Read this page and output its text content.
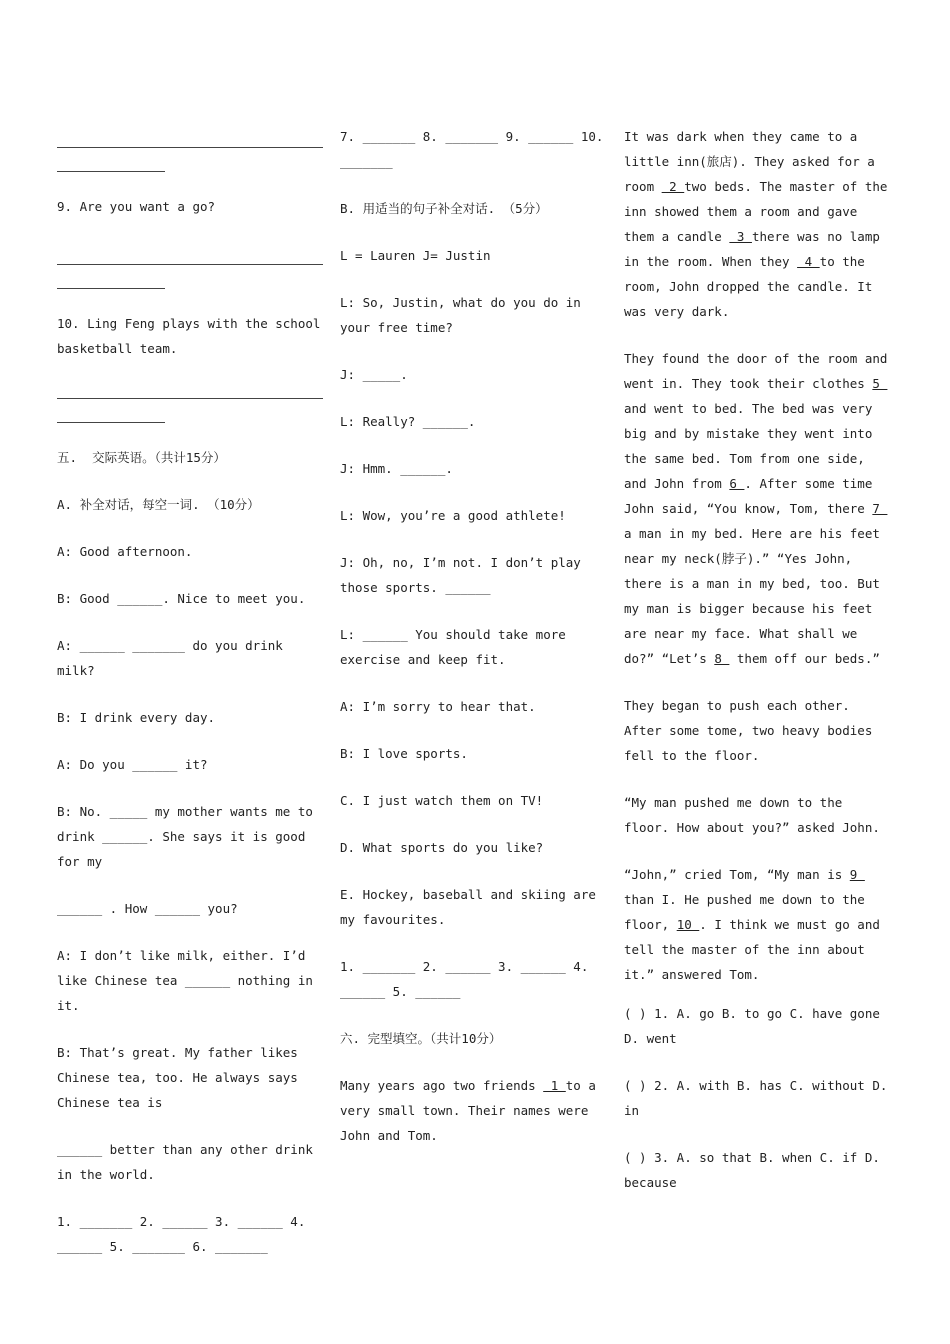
9. Are you want a go?

10. Ling Feng plays with the school basketball team.

五.  交际英语。（共计15分）

A. 补全对话，每空一词. （10分）

A: Good afternoon.

B: Good ______. Nice to meet you.

A: ______ _______ do you drink milk?

B: I drink every day.

A: Do you ______ it?

B: No. _____ my mother wants me to drink ______. She says it is good for my

______ . How ______ you?

A: I don’t like milk, either. I’d like Chinese tea ______ nothing in it.

B: That’s great. My father likes Chinese tea, too. He always says Chinese tea is

______ better than any other drink in the world.

1. _______ 2. ______ 3. ______ 4. ______ 5. _______ 6. _______

7. _______ 8. _______ 9. ______ 10. _______

B. 用适当的句子补全对话. （5分）

L = Lauren J= Justin

L: So, Justin, what do you do in your free time?

J: _____.

L: Really? ______.

J: Hmm. ______.

L: Wow, you’re a good athlete!

J: Oh, no, I’m not. I don’t play those sports. ______

L: ______ You should take more exercise and keep fit.

A: I’m sorry to hear that.

B: I love sports.

C. I just watch them on TV!

D. What sports do you like?

E. Hockey, baseball and skiing are my favourites.

1. _______ 2. ______ 3. ______ 4. ______ 5. ______

六. 完型填空。（共计10分）

Many years ago two friends  1 to a very small town. Their names were John and Tom.

It was dark when they came to a little inn(旅店). They asked for a room  2 two beds. The master of the inn showed them a room and gave them a candle  3 there was no lamp in the room. When they  4 to the room, John dropped the candle. It was very dark.

They found the door of the room and went in. They took their clothes 5  and went to bed. The bed was very big and by mistake they went into the same bed. Tom from one side, and John from 6 . After some time John said, “You know, Tom, there 7 a man in my bed. Here are his feet near my neck(脖子).” “Yes John, there is a man in my bed, too. But my man is bigger because his feet are near my face. What shall we do?” “Let’s 8  them off our beds.”

They began to push each other. After some tome, two heavy bodies fell to the floor.

“My man pushed me down to the floor. How about you?” asked John.

“John,” cried Tom, “My man is 9  than I. He pushed me down to the floor, 10 . I think we must go and tell the master of the inn about it.” answered Tom.

( ) 1. A. go B. to go C. have gone D. went

( ) 2. A. with B. has C. without D. in

( ) 3. A. so that B. when C. if D. because
